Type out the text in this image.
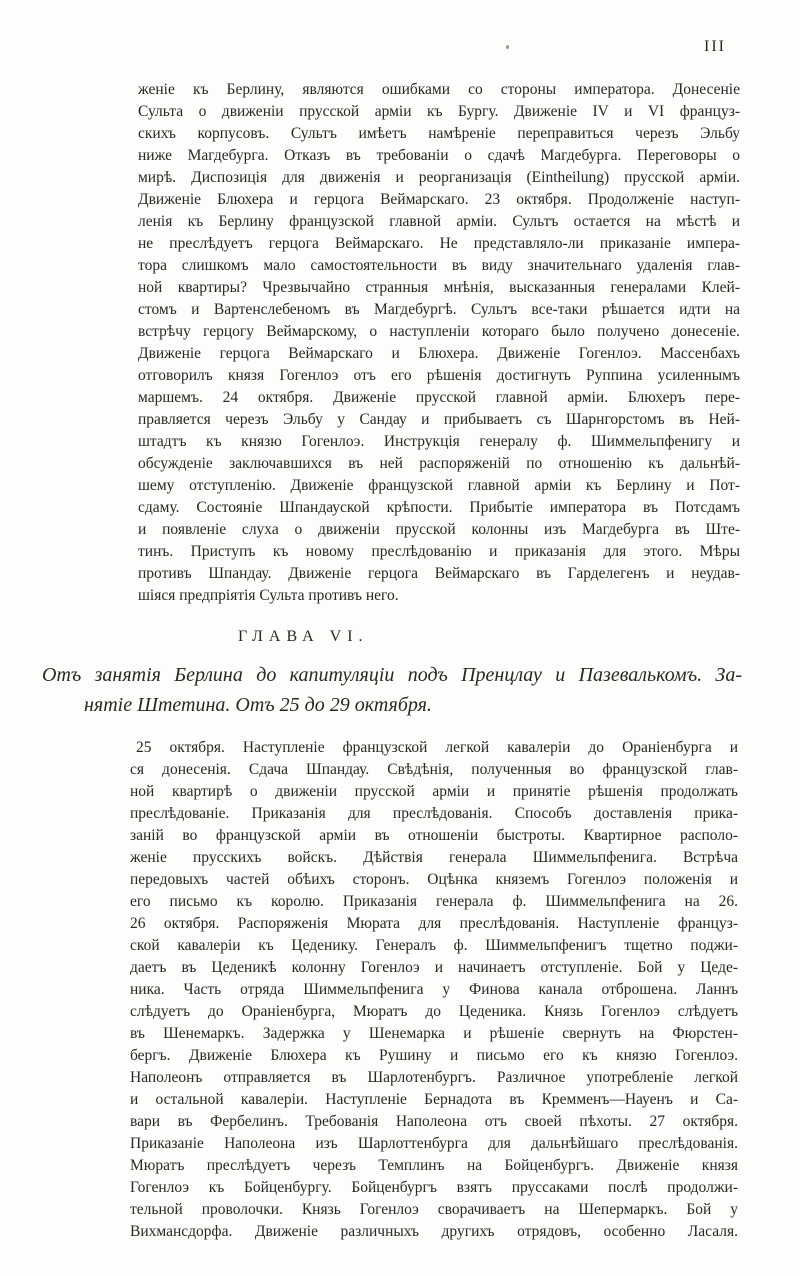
III
женіе къ Берлину, являются ошибками со стороны императора. Донесеніе
Сульта о движеніи прусской арміи къ Бургу. Движеніе IV и VI француз-
скихъ корпусовъ. Сультъ имѣетъ намѣреніе переправиться черезъ Эльбу
ниже Магдебурга. Отказъ въ требованіи о сдачѣ Магдебурга. Переговоры о
мирѣ. Диспозиція для движенія и реорганизація (Eintheilung) прусской арміи.
Движеніе Блюхера и герцога Веймарскаго. 23 октября. Продолженіе наступ-
ленія къ Берлину французской главной арміи. Сультъ остается на мѣстѣ и
не преслѣдуетъ герцога Веймарскаго. Не представляло-ли приказаніе импера-
тора слишкомъ мало самостоятельности въ виду значительнаго удаленія глав-
ной квартиры? Чрезвычайно странныя мнѣнія, высказанныя генералами Клей-
стомъ и Вартенслебеномъ въ Магдебургѣ. Сультъ все-таки рѣшается идти на
встрѣчу герцогу Веймарскому, о наступленіи котораго было получено донесеніе.
Движеніе герцога Веймарскаго и Блюхера. Движеніе Гогенлоэ. Массенбахъ
отговорилъ князя Гогенлоэ отъ его рѣшенія достигнуть Руппина усиленнымъ
маршемъ. 24 октября. Движеніе прусской главной арміи. Блюхеръ пере-
правляется черезъ Эльбу у Сандау и прибываетъ съ Шарнгорстомъ въ Ней-
штадтъ къ князю Гогенлоэ. Инструкція генералу ф. Шиммельпфенигу и
обсужденіе заключавшихся въ ней распоряженій по отношенію къ дальнѣй-
шему отступленію. Движеніе французской главной арміи къ Берлину и Пот-
сдаму. Состояніе Шпандауской крѣпости. Прибытіе императора въ Потсдамъ
и появленіе слуха о движеніи прусской колонны изъ Магдебурга въ Ште-
тинъ. Приступъ къ новому преслѣдованію и приказанія для этого. Мѣры
противъ Шпандау. Движеніе герцога Веймарскаго въ Гарделегенъ и неудав-
шіяся предпріятія Сульта противъ него.
ГЛАВА VI.
Отъ занятія Берлина до капитуляціи подъ Пренцлау и Пазевалькомъ. За-
нятіе Штетина. Отъ 25 до 29 октября.
25 октября. Наступленіе французской легкой кавалеріи до Ораніенбурга и
ся донесенія. Сдача Шпандау. Свѣдѣнія, полученныя во французской глав-
ной квартирѣ о движеніи прусской арміи и принятіе рѣшенія продолжать
преслѣдованіе. Приказанія для преслѣдованія. Способъ доставленія прика-
заній во французской арміи въ отношеніи быстроты. Квартирное располо-
женіе прусскихъ войскъ. Дѣйствія генерала Шиммельпфенига. Встрѣча
передовыхъ частей обѣихъ сторонъ. Оцѣнка княземъ Гогенлоэ положенія и
его письмо къ королю. Приказанія генерала ф. Шиммельпфенига на 26.
26 октября. Распоряженія Мюрата для преслѣдованія. Наступленіе француз-
ской кавалеріи къ Цеденику. Генералъ ф. Шиммельпфенигъ тщетно поджи-
даетъ въ Цеденикѣ колонну Гогенлоэ и начинаетъ отступленіе. Бой у Цеде-
ника. Часть отряда Шиммельпфенига у Финова канала отброшена. Ланнъ
слѣдуетъ до Ораніенбурга, Мюратъ до Цеденика. Князь Гогенлоэ слѣдуетъ
въ Шенемаркъ. Задержка у Шенемарка и рѣшеніе свернуть на Фюрстен-
бергъ. Движеніе Блюхера къ Рушину и письмо его къ князю Гогенлоэ.
Наполеонъ отправляется въ Шарлотенбургъ. Различное употребленіе легкой
и остальной кавалеріи. Наступленіе Бернадота въ Кремменъ—Науенъ и Са-
вари въ Фербелинъ. Требованія Наполеона отъ своей пѣхоты. 27 октября.
Приказаніе Наполеона изъ Шарлоттенбурга для дальнѣйшаго преслѣдованія.
Мюратъ преслѣдуетъ черезъ Темплинъ на Бойценбургъ. Движеніе князя
Гогенлоэ къ Бойценбургу. Бойценбургъ взятъ пруссаками послѣ продолжи-
тельной проволочки. Князь Гогенлоэ сворачиваетъ на Шепермаркъ. Бой у
Вихмансдорфа. Движеніе различныхъ другихъ отрядовъ, особенно Ласаля.
